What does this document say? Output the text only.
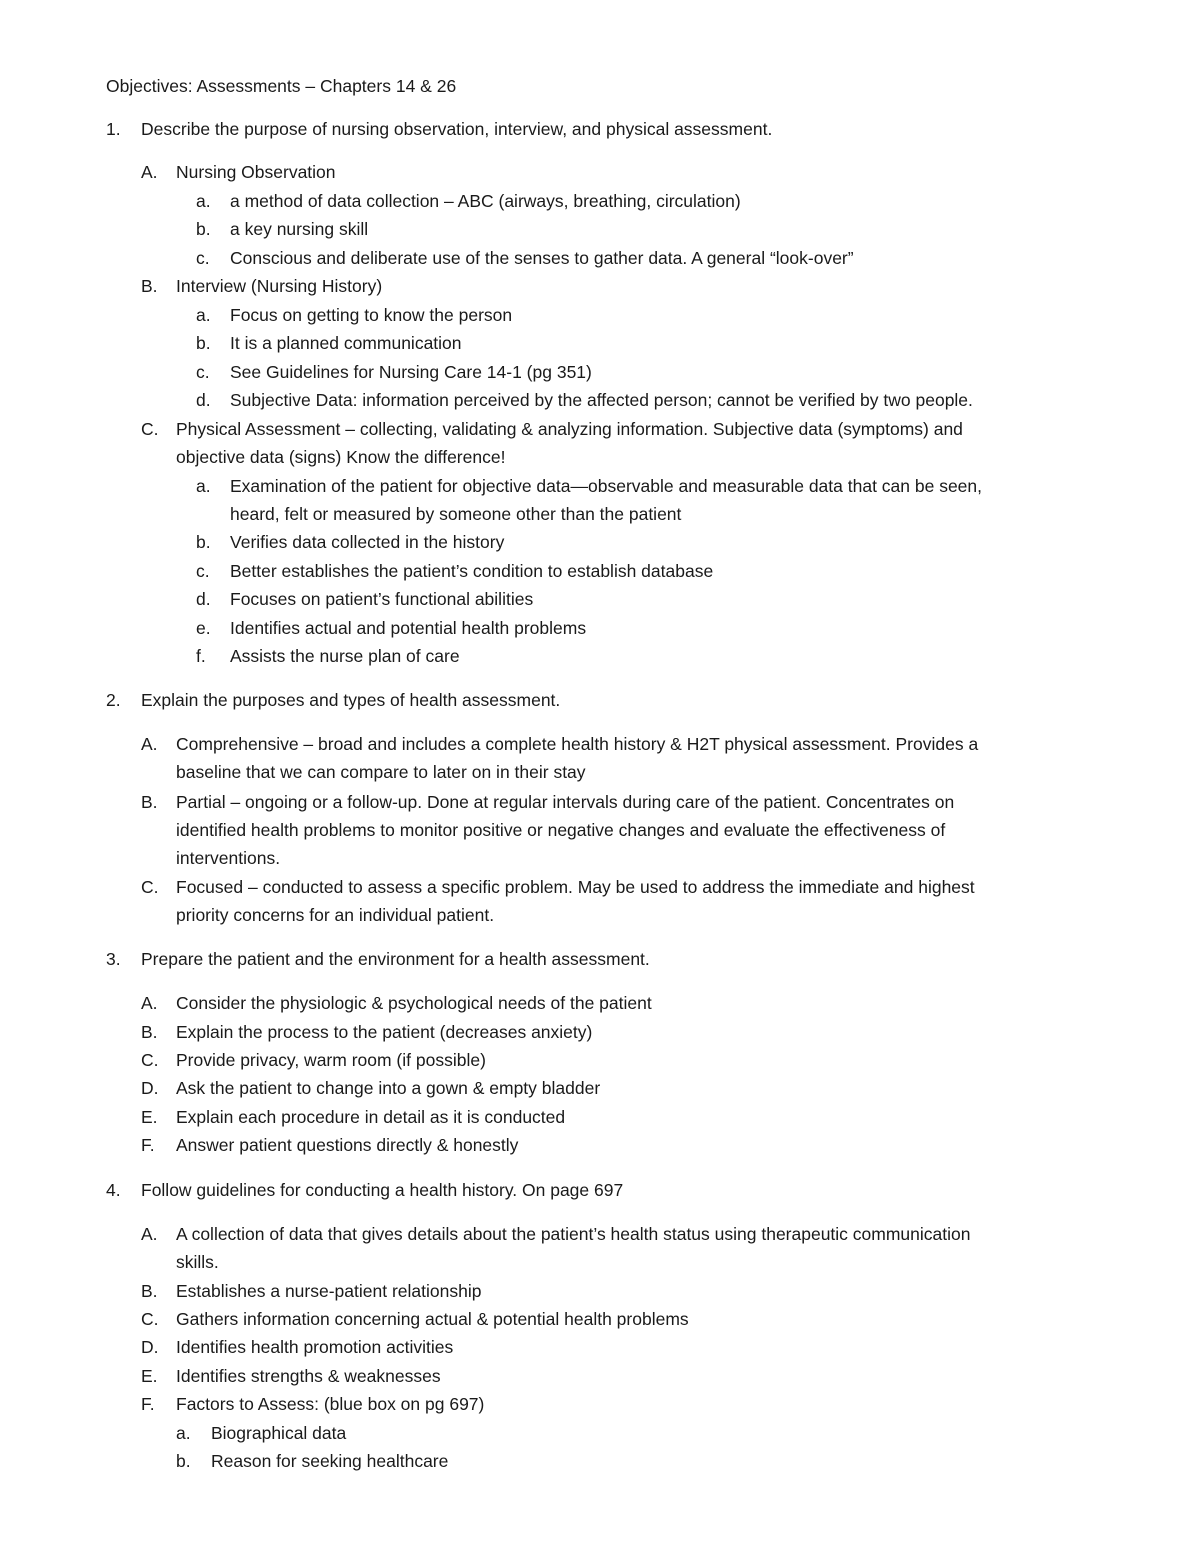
Objectives: Assessments – Chapters 14 & 26
1. Describe the purpose of nursing observation, interview, and physical assessment.
A. Nursing Observation
a. a method of data collection – ABC (airways, breathing, circulation)
b. a key nursing skill
c. Conscious and deliberate use of the senses to gather data. A general “look-over”
B. Interview (Nursing History)
a. Focus on getting to know the person
b. It is a planned communication
c. See Guidelines for Nursing Care 14-1 (pg 351)
d. Subjective Data: information perceived by the affected person; cannot be verified by two people.
C. Physical Assessment – collecting, validating & analyzing information. Subjective data (symptoms) and
objective data (signs) Know the difference!
a. Examination of the patient for objective data—observable and measurable data that can be seen,
heard, felt or measured by someone other than the patient
b. Verifies data collected in the history
c. Better establishes the patient’s condition to establish database
d. Focuses on patient’s functional abilities
e. Identifies actual and potential health problems
f. Assists the nurse plan of care
2. Explain the purposes and types of health assessment.
A. Comprehensive – broad and includes a complete health history & H2T physical assessment. Provides a
baseline that we can compare to later on in their stay
B. Partial – ongoing or a follow-up. Done at regular intervals during care of the patient. Concentrates on
identified health problems to monitor positive or negative changes and evaluate the effectiveness of
interventions.
C. Focused – conducted to assess a specific problem. May be used to address the immediate and highest
priority concerns for an individual patient.
3. Prepare the patient and the environment for a health assessment.
A. Consider the physiologic & psychological needs of the patient
B. Explain the process to the patient (decreases anxiety)
C. Provide privacy, warm room (if possible)
D. Ask the patient to change into a gown & empty bladder
E. Explain each procedure in detail as it is conducted
F. Answer patient questions directly & honestly
4. Follow guidelines for conducting a health history. On page 697
A. A collection of data that gives details about the patient’s health status using therapeutic communication
skills.
B. Establishes a nurse-patient relationship
C. Gathers information concerning actual & potential health problems
D. Identifies health promotion activities
E. Identifies strengths & weaknesses
F. Factors to Assess: (blue box on pg 697)
a. Biographical data
b. Reason for seeking healthcare
